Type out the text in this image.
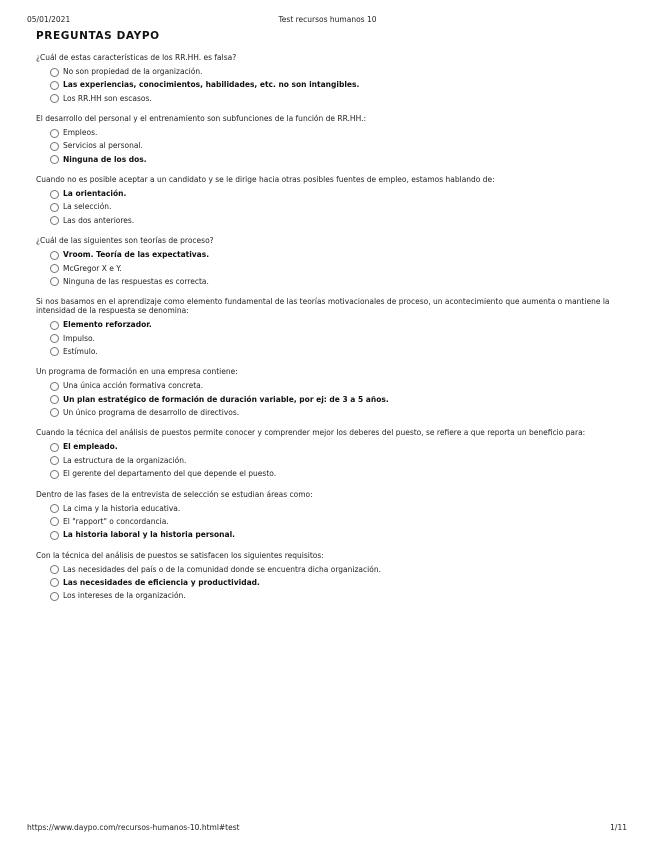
05/01/2021	Test recursos humanos 10
PREGUNTAS DAYPO
¿Cuál de estas características de los RR.HH. es falsa?
No son propiedad de la organización.
Las experiencias, conocimientos, habilidades, etc. no son intangibles.
Los RR.HH son escasos.
El desarrollo del personal y el entrenamiento son subfunciones de la función de RR.HH.:
Empleos.
Servicios al personal.
Ninguna de los dos.
Cuando no es posible aceptar a un candidato y se le dirige hacia otras posibles fuentes de empleo, estamos hablando de:
La orientación.
La selección.
Las dos anteriores.
¿Cuál de las siguientes son teorías de proceso?
Vroom. Teoría de las expectativas.
McGregor X e Y.
Ninguna de las respuestas es correcta.
Si nos basamos en el aprendizaje como elemento fundamental de las teorías motivacionales de proceso, un acontecimiento que aumenta o mantiene la intensidad de la respuesta se denomina:
Elemento reforzador.
Impulso.
Estímulo.
Un programa de formación en una empresa contiene:
Una única acción formativa concreta.
Un plan estratégico de formación de duración variable, por ej: de 3 a 5 años.
Un único programa de desarrollo de directivos.
Cuando la técnica del análisis de puestos permite conocer y comprender mejor los deberes del puesto, se refiere a que reporta un beneficio para:
El empleado.
La estructura de la organización.
El gerente del departamento del que depende el puesto.
Dentro de las fases de la entrevista de selección se estudian áreas como:
La cima y la historia educativa.
El "rapport" o concordancia.
La historia laboral y la historia personal.
Con la técnica del análisis de puestos se satisfacen los siguientes requisitos:
Las necesidades del país o de la comunidad donde se encuentra dicha organización.
Las necesidades de eficiencia y productividad.
Los intereses de la organización.
https://www.daypo.com/recursos-humanos-10.html#test	1/11
